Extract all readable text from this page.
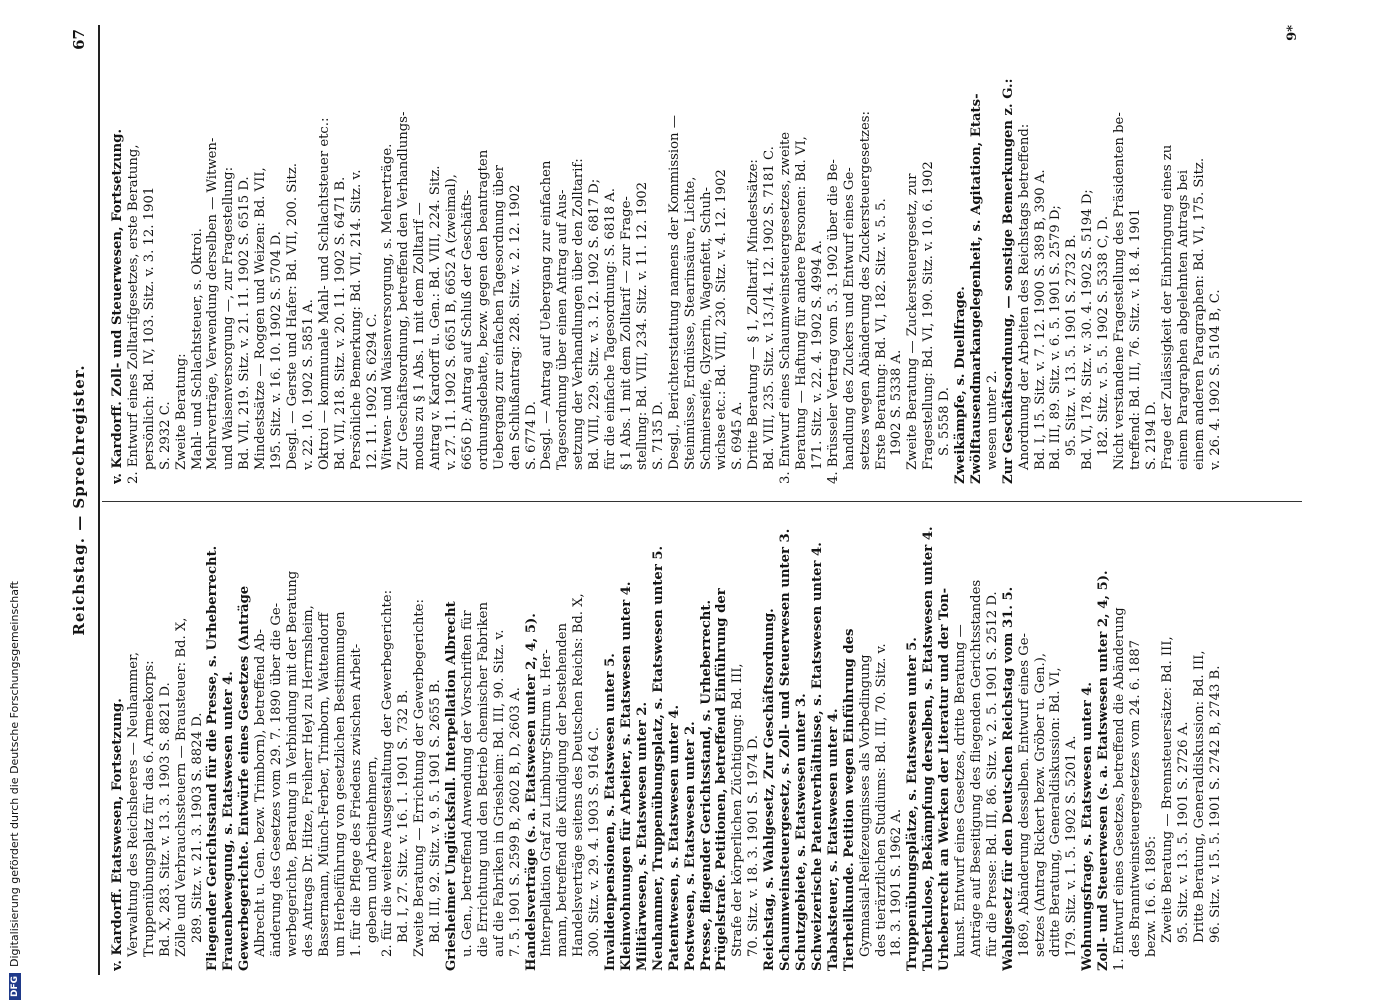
Reichstag. — Sprechregister.
67
v. Kardorff. Etatswesen, Fortsetzung. Verwaltung des Reichsheeres — Neuhammer, Truppenübungsplatz für das 6. Armeekorps: Bd. X, 283. Sitz. v. 13. 3. 1903 S. 8821 D. Zölle und Verbrauchssteuern — Brausteuer: Bd. X, 289. Sitz. v. 21. 3. 1903 S. 8824 D. Fliegender Gerichtsstand für die Presse, s. Urheberrecht. Frauenbewegung, s. Etatswesen unter 4. Gewerbegerichte. Entwürfe eines Gesetzes (Anträge Albrecht u. Gen. bezw. Trimborn), betreffend Ab- änderung des Gesetzes vom 29. 7. 1890 über die Ge- werbegerichte, Beratung in Verbindung mit der Beratung des Antrags Dr. Hitze, Freiherr Heyl zu Herrnsheim, Bassermann, Münch-Ferber, Trimborn, Wattendorff um Herbeiführung von gesetzlichen Bestimmungen 1. für die Pflege des Friedens zwischen Arbeit- gebern und Arbeitnehmern, 2. für die weitere Ausgestaltung der Gewerbegerichte: Bd. I, 27. Sitz. v. 16. 1. 1901 S. 732 B. Zweite Beratung — Errichtung der Gewerbegerichte: Bd. III, 92. Sitz. v. 9. 5. 1901 S. 2655 B. Griesheimer Unglücksfall. Interpellation Albrecht u. Gen., betreffend Anwendung der Vorschriften für die Errichtung und den Betrieb chemischer Fabriken auf die Fabriken in Griesheim: Bd. III, 90. Sitz. v. 7. 5. 1901 S. 2599 B, 2602 B, D, 2603 A. Handelsverträge (s. a. Etatswesen unter 2, 4, 5). Interpellation Graf zu Limburg-Stirum u. Her- mann, betreffend die Kündigung der bestehenden Handelsverträge seitens des Deutschen Reichs: Bd. X, 300. Sitz. v. 29. 4. 1903 S. 9164 C. Invalidenpensionen, s. Etatswesen unter 5. Kleinwohnungen für Arbeiter, s. Etatswesen unter 4. Militärwesen, s. Etatswesen unter 2. Neuhammer, Truppenübungsplatz, s. Etatswesen unter 5. Patentwesen, s. Etatswesen unter 4. Postwesen, s. Etatswesen unter 2. Presse, fliegender Gerichtsstand, s. Urheberrecht. Prügelstrafe. Petitionen, betreffend Einführung der Strafe der körperlichen Züchtigung: Bd. III, 70. Sitz. v. 18. 3. 1901 S. 1974 D. Reichstag, s. Wahlgesetz, Zur Geschäftsordnung. Schaumweinsteuergesetz, s. Zoll- und Steuerwesen unter 3. Schutzgebiete, s. Etatswesen unter 3. Schweizerische Patentverhältnisse, s. Etatswesen unter 4. Tabaksteuer, s. Etatswesen unter 4. Tierheilkunde. Petition wegen Einführung des Gymnasial-Reifezeugnisses als Vorbedingung des tierärztlichen Studiums: Bd. III, 70. Sitz. v. 18. 3. 1901 S. 1962 A. Truppenübungsplätze, s. Etatswesen unter 5. Tuberkulose, Bekämpfung derselben, s. Etatswesen unter 4. Urheberrecht an Werken der Literatur und der Ton- kunst. Entwurf eines Gesetzes, dritte Beratung — Anträge auf Beseitigung des fliegenden Gerichtsstandes für die Presse: Bd. III, 86. Sitz. v. 2. 5. 1901 S. 2512 D. Wahlgesetz für den Deutschen Reichstag vom 31. 5. 1869, Abänderung desselben. Entwurf eines Ge- setzes (Antrag Rickert bezw. Gröber u. Gen.), dritte Beratung, Generaldiskussion: Bd. VI, 179. Sitz. v. 1. 5. 1902 S. 5201 A. Wohnungsfrage, s. Etatswesen unter 4. Zoll- und Steuerwesen (s. a. Etatswesen unter 2, 4, 5). 1. Entwurf eines Gesetzes, betreffend die Abänderung des Branntweinsteuergesetzes vom 24. 6. 1887 bezw. 16. 6. 1895: Zweite Beratung — Brennsteuersätze: Bd. III, 95. Sitz. v. 13. 5. 1901 S. 2726 A. Dritte Beratung, Generaldiskussion: Bd. III, 96. Sitz. v. 15. 5. 1901 S. 2742 B, 2743 B.
v. Kardorff. Zoll- und Steuerwesen, Fortsetzung. 2. Entwurf eines Zolltarifgesetzes, erste Beratung, persönlich: Bd. IV, 103. Sitz. v. 3. 12. 1901 S. 2932 C. Zweite Beratung: Mahl- und Schlachtsteuer, s. Oktroi. Mehrverträge, Verwendung derselben — Witwen- und Waisenversorgung —, zur Fragestellung: Bd. VII, 219. Sitz. v. 21. 11. 1902 S. 6515 D. Mindestsätze — Roggen und Weizen: Bd. VII, 195. Sitz. v. 16. 10. 1902 S. 5704 D. Desgl. — Gerste und Hafer: Bd. VII, 200. Sitz. v. 22. 10. 1902 S. 5851 A. Oktroi — kommunale Mahl- und Schlachtsteuer etc.: Bd. VII, 218. Sitz. v. 20. 11. 1902 S. 6471 B. Persönliche Bemerkung: Bd. VII, 214. Sitz. v. 12. 11. 1902 S. 6294 C. Witwen- und Waisenversorgung, s. Mehrerträge. Zur Geschäftsordnung, betreffend den Verhandlungs- modus zu § 1 Abs. 1 mit dem Zolltarif — Antrag v. Kardorff u. Gen.: Bd. VIII, 224. Sitz. v. 27. 11. 1902 S. 6651 B, 6652 A (zweimal), 6656 D; Antrag auf Schluß der Geschäfts- ordnungsdebatte, bezw. gegen den beantragten Uebergang zur einfachen Tagesordnung über den Schlußantrag: 228. Sitz. v. 2. 12. 1902 S. 6774 D. Desgl. — Antrag auf Uebergang zur einfachen Tagesordnung über einen Antrag auf Aus- setzung der Verhandlungen über den Zolltarif: Bd. VIII, 229. Sitz. v. 3. 12. 1902 S. 6817 D; für die einfache Tagesordnung: S. 6818 A. § 1 Abs. 1 mit dem Zolltarif — zur Frage- stellung: Bd. VIII, 234. Sitz. v. 11. 12. 1902 S. 7135 D. Desgl., Berichterstattung namens der Kommission — Steinnüsse, Erdnüsse, Stearinsäure, Lichte, Schmierseife, Glyzerin, Wagenfett, Schuh- wichse etc.: Bd. VIII, 230. Sitz. v. 4. 12. 1902 S. 6945 A. Dritte Beratung — § 1, Zolltarif, Mindestsätze: Bd. VIII, 235. Sitz. v. 13./14. 12. 1902 S. 7181 C. 3. Entwurf eines Schaumweinsteuergesetzes, zweite Beratung — Haftung für andere Personen: Bd. VI, 171. Sitz. v. 22. 4. 1902 S. 4994 A. 4. Brüsseler Vertrag vom 5. 3. 1902 über die Be- handlung des Zuckers und Entwurf eines Ge- setzes wegen Abänderung des Zuckersteuergesetzes: Erste Beratung: Bd. VI, 182. Sitz. v. 5. 5. 1902 S. 5338 A. Zweite Beratung — Zuckersteuergesetz, zur Fragestellung: Bd. VI, 190. Sitz. v. 10. 6. 1902 S. 5558 D. Zweikämpfe, s. Duellfrage. Zwölftausendmarkangelegenheit, s. Agitation, Etats- wesen unter 2. Zur Geschäftsordnung, — sonstige Bemerkungen z. G.: Anordnung der Arbeiten des Reichstags betreffend: Bd. I, 15. Sitz. v. 7. 12. 1900 S. 389 B, 390 A. Bd. III, 89. Sitz. v. 6. 5. 1901 S. 2579 D; 95. Sitz. v. 13. 5. 1901 S. 2732 B. Bd. VI, 178. Sitz. v. 30. 4. 1902 S. 5194 D; 182. Sitz. v. 5. 5. 1902 S. 5338 C, D. Nicht verstandene Fragestellung des Präsidenten be- treffend: Bd. III, 76. Sitz. v. 18. 4. 1901 S. 2194 D. Frage der Zulässigkeit der Einbringung eines zu einem Paragraphen abgelehnten Antrags bei einem anderen Paragraphen: Bd. VI, 175. Sitz. v. 26. 4. 1902 S. 5104 B, C.
9*
DFGDigitalisierung gefördert durch die Deutsche Forschungsgemeinschaft
